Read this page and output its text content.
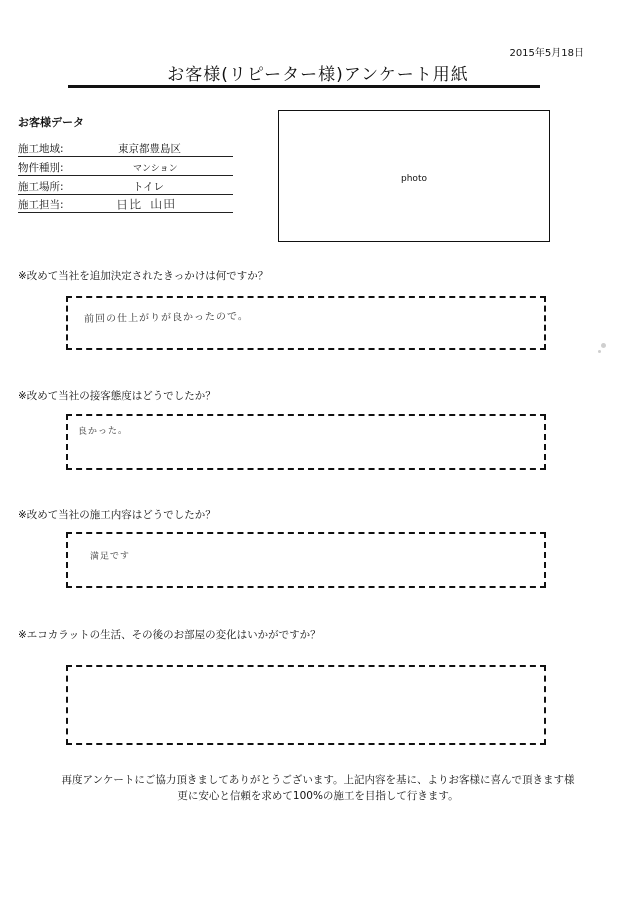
2015年5月18日
お客様(リピーター様)アンケート用紙
お客様データ
施工地域:	東京都豊島区
物件種別:	マンション
施工場所:	トイレ
施工担当:	日比 山田
photo
※改めて当社を追加決定されたきっかけは何ですか？
前回の仕上がりが良かったので。
※改めて当社の接客態度はどうでしたか？
良かった。
※改めて当社の施工内容はどうでしたか？
満足です
※エコカラットの生活、その後のお部屋の変化はいかがですか？
再度アンケートにご協力頂きましてありがとうございます。上記内容を基に、よりお客様に喜んで頂きます様
更に安心と信頼を求めて100%の施工を目指して行きます。
